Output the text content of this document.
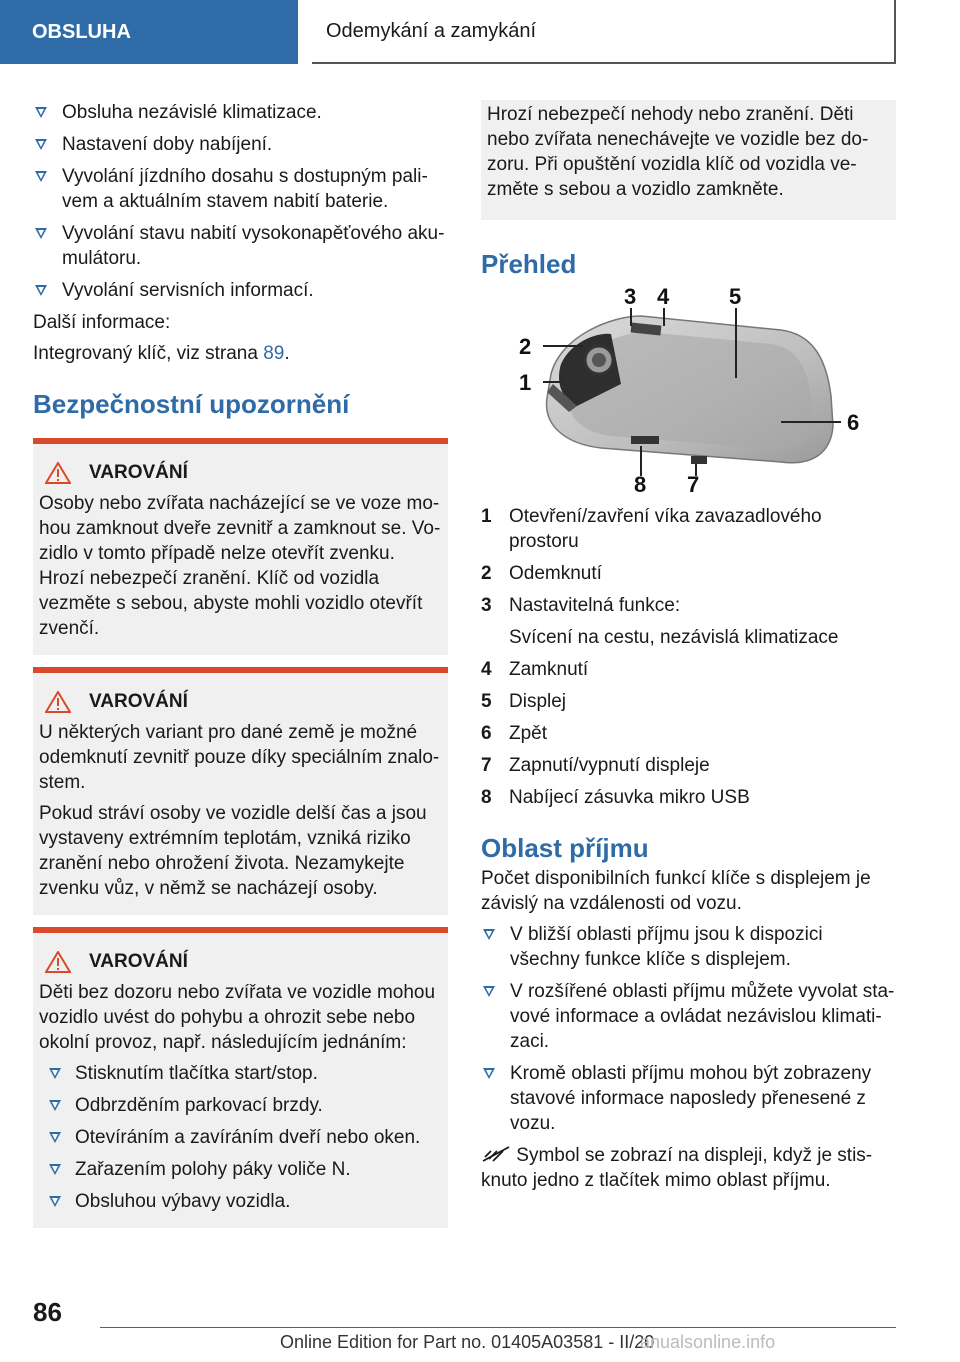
OBSLUHA	Odemykání a zamykání
Obsluha nezávislé klimatizace.
Nastavení doby nabíjení.
Vyvolání jízdního dosahu s dostupným pali-vem a aktuálním stavem nabití baterie.
Vyvolání stavu nabití vysokonapěťového aku-mulátoru.
Vyvolání servisních informací.

Další informace:

Integrovaný klíč, viz strana 89.

Bezpečnostní upozornění
VAROVÁNÍ

Osoby nebo zvířata nacházející se ve voze mo-hou zamknout dveře zevnitř a zamknout se. Vo-zidlo v tomto případě nelze otevřít zvenku. Hrozí nebezpečí zranění. Klíč od vozidla vezměte s sebou, abyste mohli vozidlo otevřít zvenčí.

VAROVÁNÍ

U některých variant pro dané země je možné odemknutí zevnitř pouze díky speciálním znalo-stem.

Pokud stráví osoby ve vozidle delší čas a jsou vystaveny extrémním teplotám, vzniká riziko zranění nebo ohrožení života. Nezamykejte zvenku vůz, v němž se nacházejí osoby.

VAROVÁNÍ

Děti bez dozoru nebo zvířata ve vozidle mohou vozidlo uvést do pohybu a ohrozit sebe nebo okolní provoz, např. následujícím jednáním:

Stisknutím tlačítka start/stop.
Odbrzděním parkovací brzdy.
Otevíráním a zavíráním dveří nebo oken.
Zařazením polohy páky voliče N.
Obsluhou výbavy vozidla.

Hrozí nebezpečí nehody nebo zranění. Děti nebo zvířata nenechávejte ve vozidle bez do-zoru. Při opuštění vozidla klíč od vozidla ve-změte s sebou a vozidlo zamkněte.

Přehled
1
2
3 4	5
6
7
8
1 Otevření/zavření víka zavazadlového prostoru
2 Odemknutí
3 Nastavitelná funkce:
Svícení na cestu, nezávislá klimatizace
4 Zamknutí
5 Displej
6 Zpět
7 Zapnutí/vypnutí displeje
8 Nabíjecí zásuvka mikro USB
Oblast příjmu

Počet disponibilních funkcí klíče s displejem je závislý na vzdálenosti od vozu.

V bližší oblasti příjmu jsou k dispozici všechny funkce klíče s displejem.
V rozšířené oblasti příjmu můžete vyvolat sta-vové informace a ovládat nezávislou klimati-zaci.
Kromě oblasti příjmu mohou být zobrazeny stavové informace naposledy přenesené z vozu.

Symbol se zobrazí na displeji, když je stis-knuto jedno z tlačítek mimo oblast příjmu.

86
Online Edition for Part no. 01405A03581 - II/20
anualsonline.info
